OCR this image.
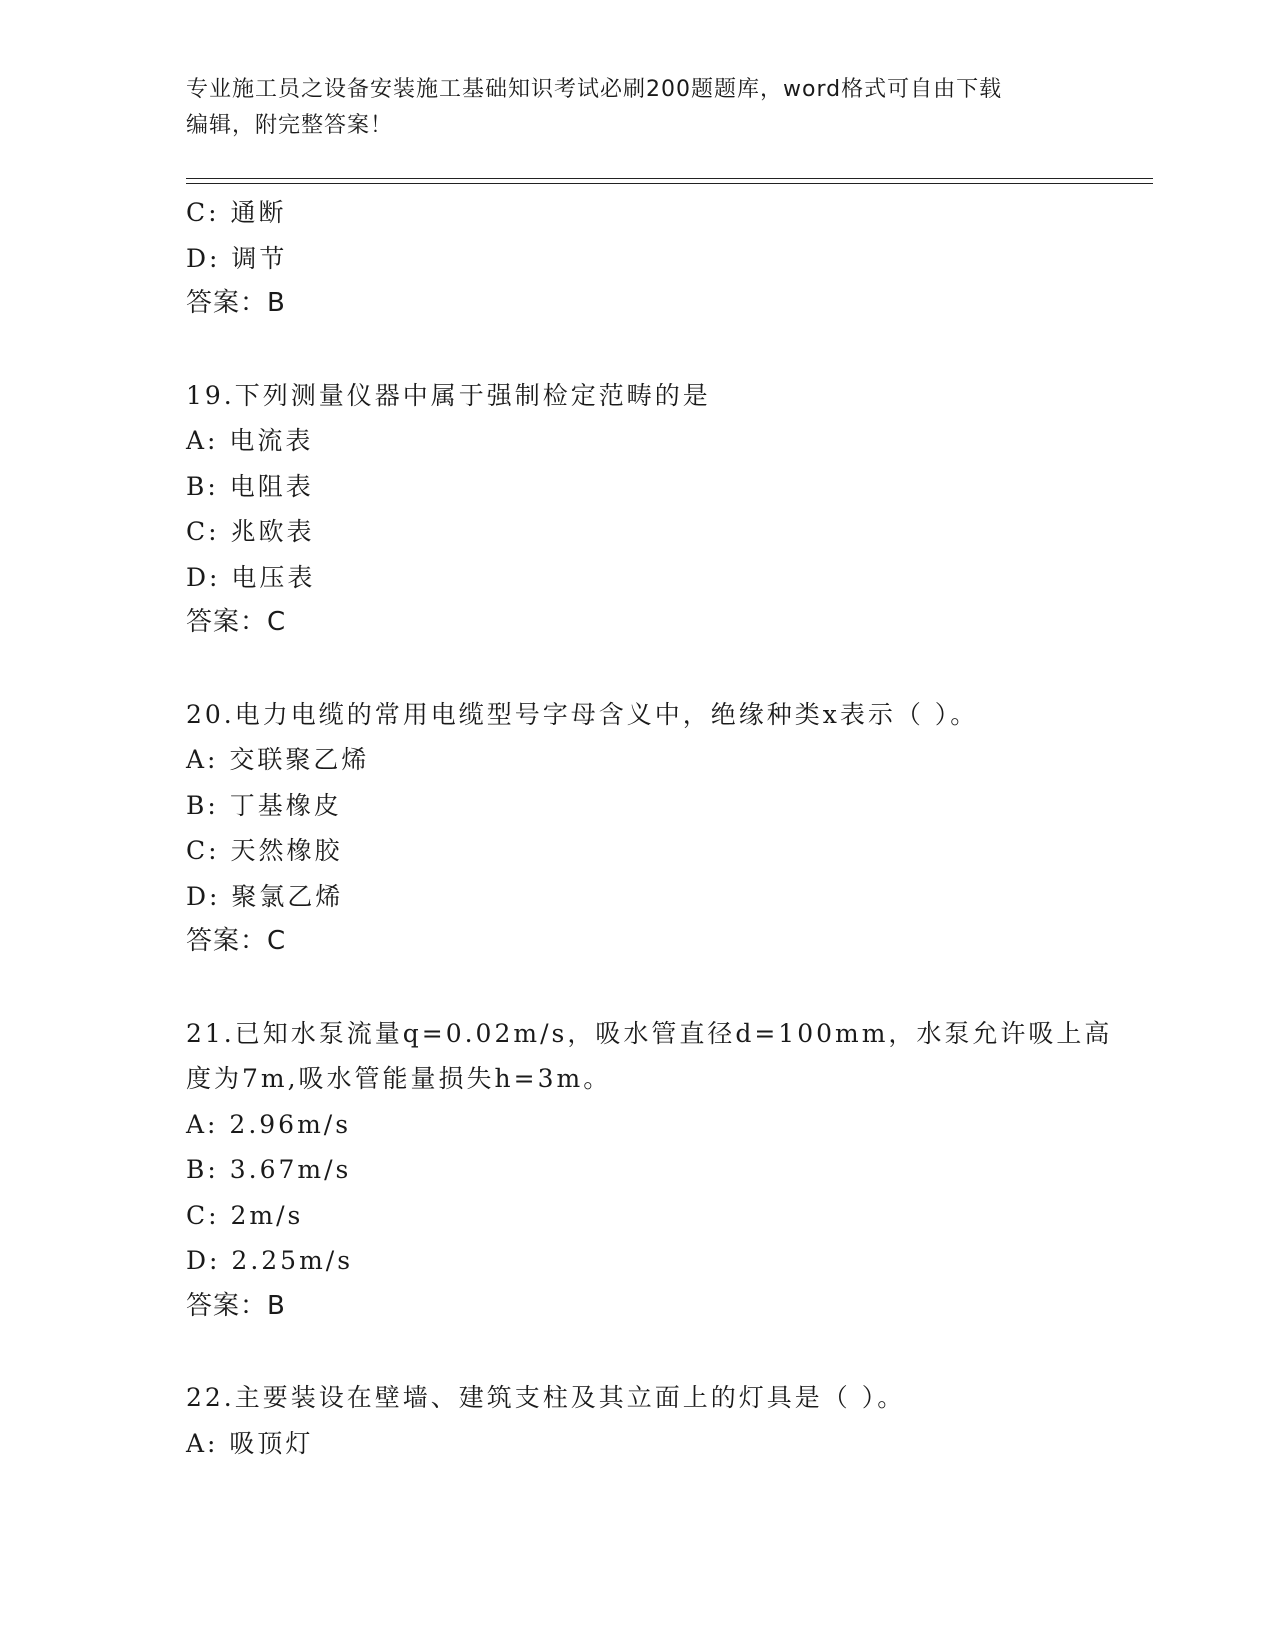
专业施工员之设备安装施工基础知识考试必刷200题题库，word格式可自由下载
编辑，附完整答案！
C: 通断
D: 调节
答案：B
19.下列测量仪器中属于强制检定范畴的是
A: 电流表
B: 电阻表
C: 兆欧表
D: 电压表
答案：C
20.电力电缆的常用电缆型号字母含义中，绝缘种类x表示（ ）。
A: 交联聚乙烯
B: 丁基橡皮
C: 天然橡胶
D: 聚氯乙烯
答案：C
21.已知水泵流量q=0.02m/s，吸水管直径d=100mm，水泵允许吸上高
度为7m,吸水管能量损失h=3m。
A: 2.96m/s
B: 3.67m/s
C: 2m/s
D: 2.25m/s
答案：B
22.主要装设在壁墙、建筑支柱及其立面上的灯具是（ ）。
A: 吸顶灯
